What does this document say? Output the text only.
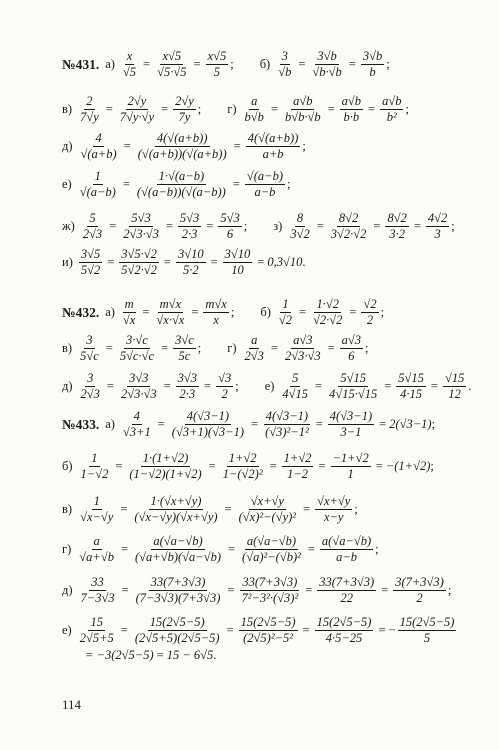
№431. $а) \frac{x}{√5} = \frac{x√5}{√5\cdot√5} = \frac{x√5}{5}$ ; $б) \frac{3}{√b} = \frac{3√b}{√b\cdot√b} = \frac{3√b}{b}$ ;
$в) \frac{2}{7√y} = \frac{2√y}{7√y\cdot√y} = \frac{2√y}{7y}$ ; $г) \frac{a}{b√b} = \frac{a√b}{b√b\cdot√b} = \frac{a√b}{b\cdot b} = \frac{a√b}{\text{b²}}$ ;
$д) \frac{4}{√(a+b)} = \frac{4(√(a+b))}{(√(a+b))(√(a+b))} = \frac{4(√(a+b))}{a+b}$ ;
$е) \frac{1}{√(a-b)} = \frac{1\cdot√(a-b)}{(√(a-b))(√(a-b))} = \frac{√(a-b)}{a-b}$ ;
$ж) \frac{5}{2√3} = \frac{5√3}{2√3\cdot√3} = \frac{5√3}{2\cdot 3} = \frac{5√3}{6}$ ; $з) \frac{8}{3√2} = \frac{8√2}{3√2\cdot√2} = \frac{8√2}{3\cdot 2} = \frac{4√2}{3}$ ;
$и) \frac{3√5}{5√2} = \frac{3√5\cdot√2}{5√2\cdot√2} = \frac{3√10}{5\cdot 2} = \frac{3√10}{10} = 0,3√10$ .
№432. $а) \frac{m}{√x} = \frac{m√x}{√x\cdot√x} = \frac{m√x}{x}$ ; $б) \frac{1}{√2} = \frac{1\cdot√2}{√2\cdot√2} = \frac{√2}{2}$ ;
$в) \frac{3}{5√c} = \frac{3\cdot√c}{5√c\cdot√c} = \frac{3√c}{5c}$ ; $г) \frac{a}{2√3} = \frac{a√3}{2√3\cdot√3} = \frac{a√3}{6}$ ;
$д) \frac{3}{2√3} = \frac{3√3}{2√3\cdot√3} = \frac{3√3}{2\cdot 3} = \frac{√3}{2}$ ; $е) \frac{5}{4√15} = \frac{5√15}{4√15\cdot√15} = \frac{5√15}{4\cdot 15} = \frac{√15}{12}$ .
№433. $а) \frac{4}{√3+1} = \frac{4(√3-1)}{(√3+1)(√3-1)} = \frac{4(√3-1)}{\text{(√3)²−1²}} = \frac{4(√3-1)}{3-1} = 2(√3-1)$ ;
$б) \frac{1}{1-√2} = \frac{1\cdot(1+√2)}{(1-√2)(1+√2)} = \frac{1+√2}{\text{1−(√2)²}} = \frac{1+√2}{1-2} = \frac{-1+√2}{1} = -(1+√2)$ ;
$в) \frac{1}{√x-√y} = \frac{1\cdot(√x+√y)}{(√x-√y)(√x+√y)} = \frac{√x+√y}{\text{(√x)²−(√y)²}} = \frac{√x+√y}{x-y}$ ;
$г) \frac{a}{√a+√b} = \frac{a(√a-√b)}{(√a+√b)(√a-√b)} = \frac{a(√a-√b)}{\text{(√a)²−(√b)²}} = \frac{a(√a-√b)}{a-b}$ ;
$д) \frac{33}{7-3√3} = \frac{33(7+3√3)}{(7-3√3)(7+3√3)} = \frac{33(7+3√3)}{\text{7²−3²·(√3)²}} = \frac{33(7+3√3)}{22} = \frac{3(7+3√3)}{2}$ ;
$е) \frac{15}{2√5+5} = \frac{15(2√5-5)}{(2√5+5)(2√5-5)} = \frac{15(2√5-5)}{\text{(2√5)²−5²}} = \frac{15(2√5-5)}{4\cdot 5-25}$ = − $\frac{15(2√5-5)}{5}$
= −3(2√5−5) = 15 − 6√5 .
114
